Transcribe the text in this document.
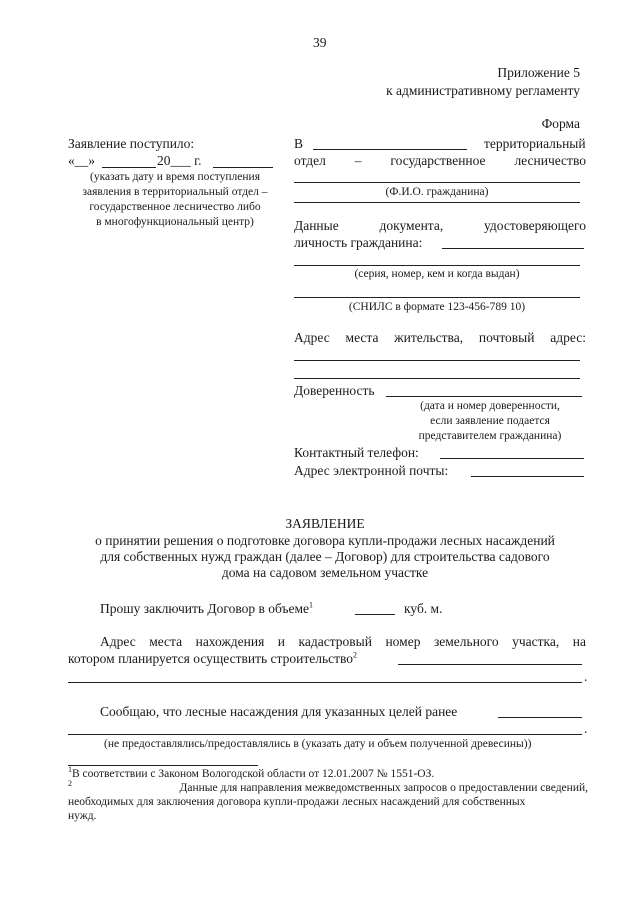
39
Приложение 5
к административному регламенту
Форма
Заявление поступило:
«__»	20___ г.
(указать дату и время поступления
заявления в территориальный отдел –
государственное лесничество либо
в многофункциональный центр)
В	территориальный
отдел – государственное лесничество
(Ф.И.О. гражданина)
Данные	документа,	удостоверяющего
личность гражданина:
(серия, номер, кем и когда выдан)
(СНИЛС в формате 123-456-789 10)
Адрес места жительства, почтовый адрес:
Доверенность
(дата и номер доверенности,
если заявление подается
представителем гражданина)
Контактный телефон:
Адрес электронной почты:
ЗАЯВЛЕНИЕ
о принятии решения о подготовке договора купли-продажи лесных насаждений
для собственных нужд граждан (далее – Договор) для строительства садового
дома на садовом земельном участке
Прошу заключить Договор в объеме$^1$	куб. м.
Адрес места нахождения и кадастровый номер земельного участка, на
котором планируется осуществить строительство$^2$
.
Сообщаю, что лесные насаждения для указанных целей ранее
.
(не предоставлялись/предоставлялись в (указать дату и объем полученной древесины))
$^1$В соответствии с Законом Вологодской области от 12.01.2007 № 1551-ОЗ.
$^2$	Данные для направления межведомственных запросов о предоставлении сведений,
необходимых для заключения договора купли-продажи лесных насаждений для собственных
нужд.
